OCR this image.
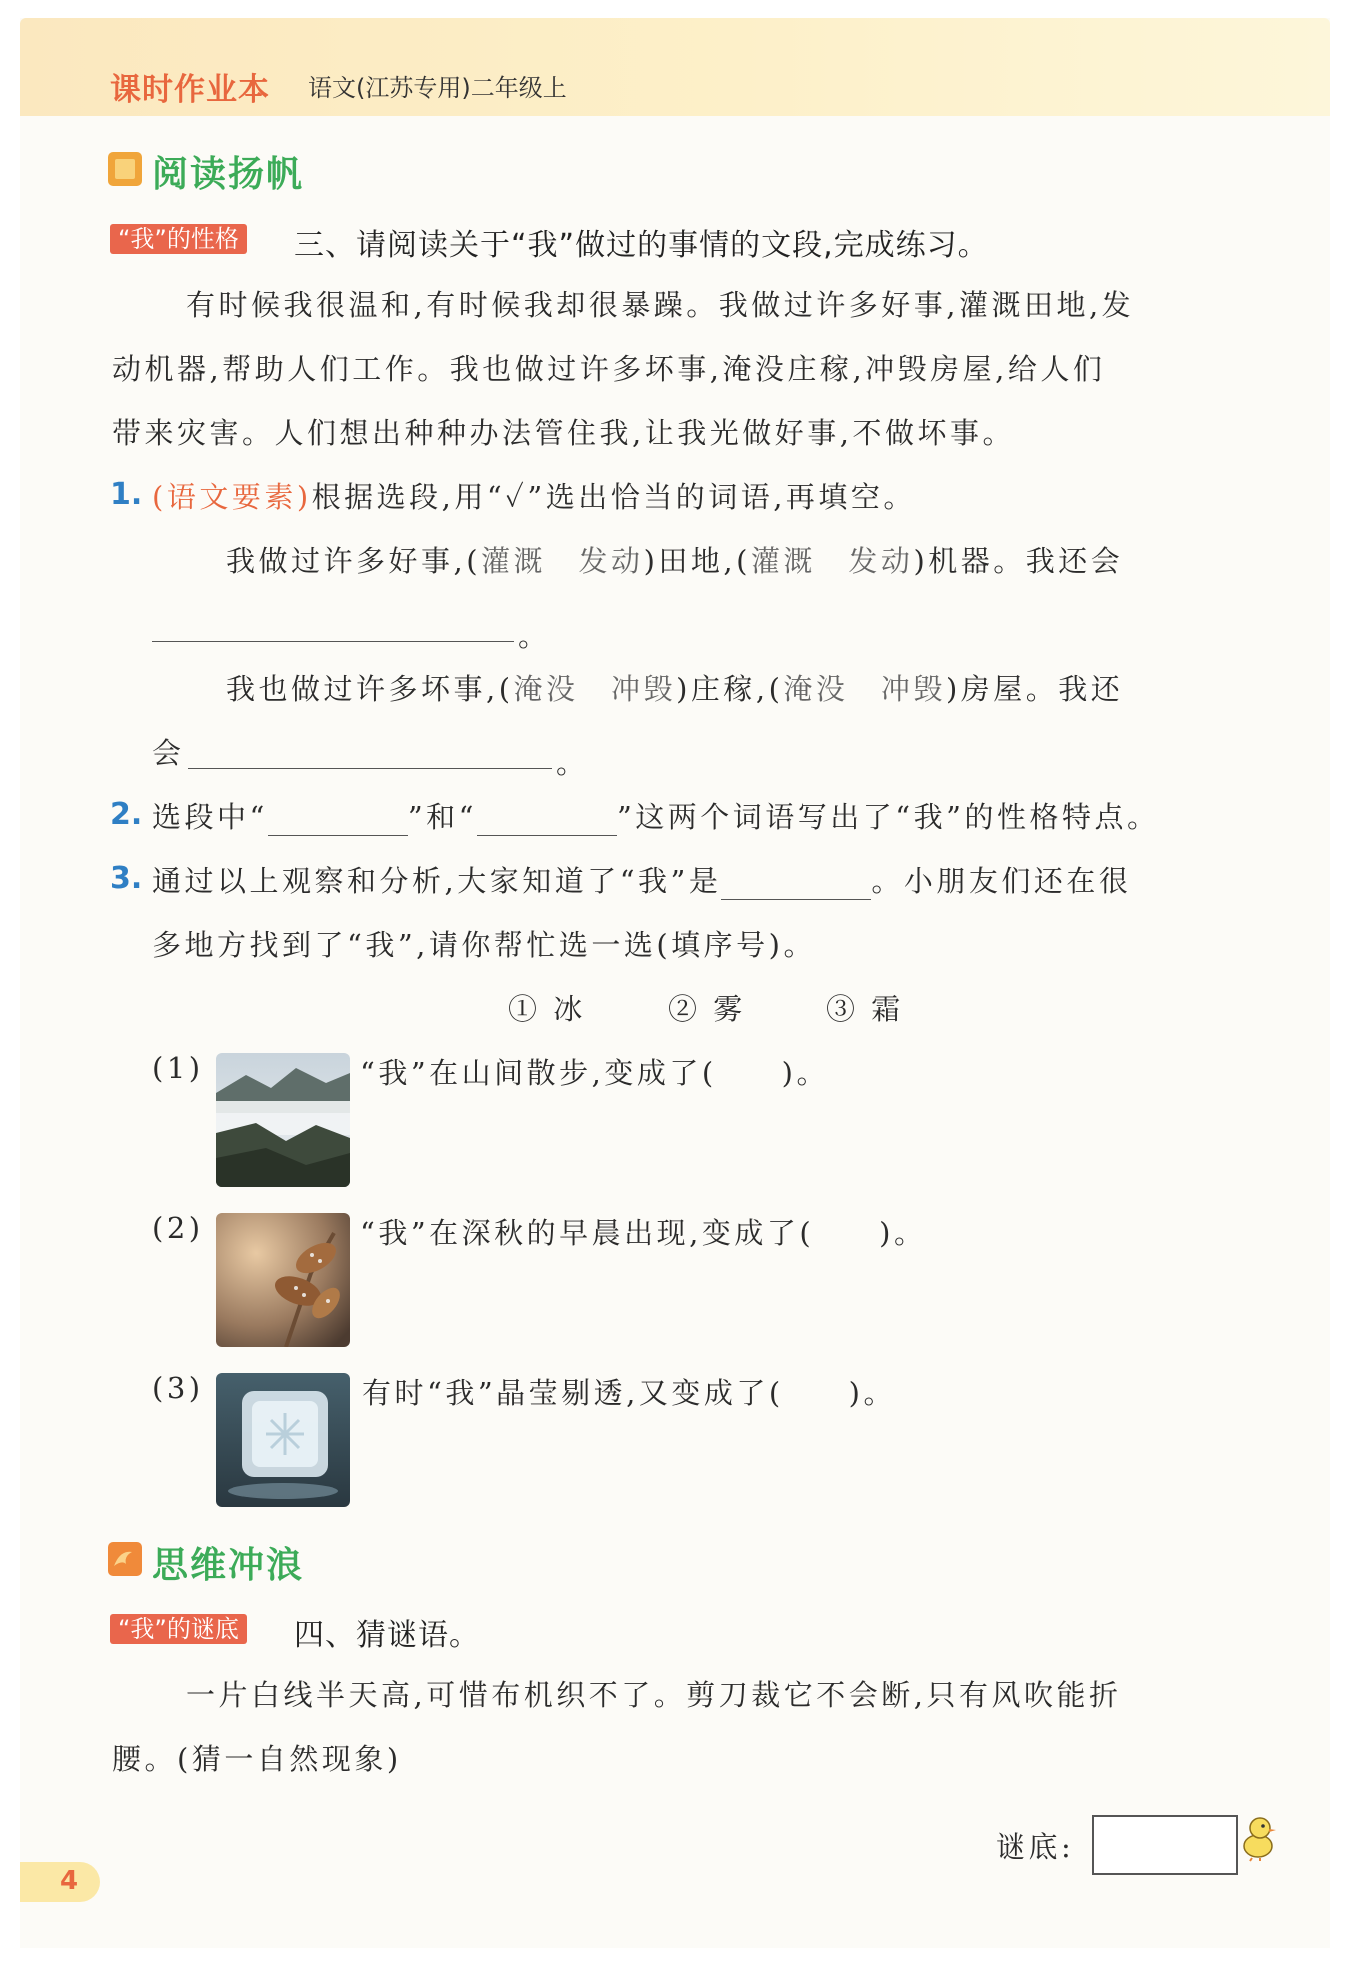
课时作业本 语文(江苏专用)二年级上
阅读扬帆
“我”的性格 三、请阅读关于“我”做过的事情的文段,完成练习。
有时候我很温和,有时候我却很暴躁。我做过许多好事,灌溉田地,发
动机器,帮助人们工作。我也做过许多坏事,淹没庄稼,冲毁房屋,给人们
带来灾害。人们想出种种办法管住我,让我光做好事,不做坏事。
1. (语文要素)根据选段,用“✓”选出恰当的词语,再填空。
我做过许多好事,(灌溉　发动)田地,(灌溉　发动)机器。我还会
。
我也做过许多坏事,(淹没　冲毁)庄稼,(淹没　冲毁)房屋。我还
会	。
2. 选段中“	”和“	”这两个词语写出了“我”的性格特点。
3. 通过以上观察和分析,大家知道了“我”是	。小朋友们还在很
多地方找到了“我”,请你帮忙选一选(填序号)。
① 冰	② 雾	③ 霜
(1)	“我”在山间散步,变成了(　　)。
(2)	“我”在深秋的早晨出现,变成了(　　)。
(3)	有时“我”晶莹剔透,又变成了(　　)。
思维冲浪
“我”的谜底 四、猜谜语。
一片白线半天高,可惜布机织不了。剪刀裁它不会断,只有风吹能折
腰。(猜一自然现象)
谜底:
4
